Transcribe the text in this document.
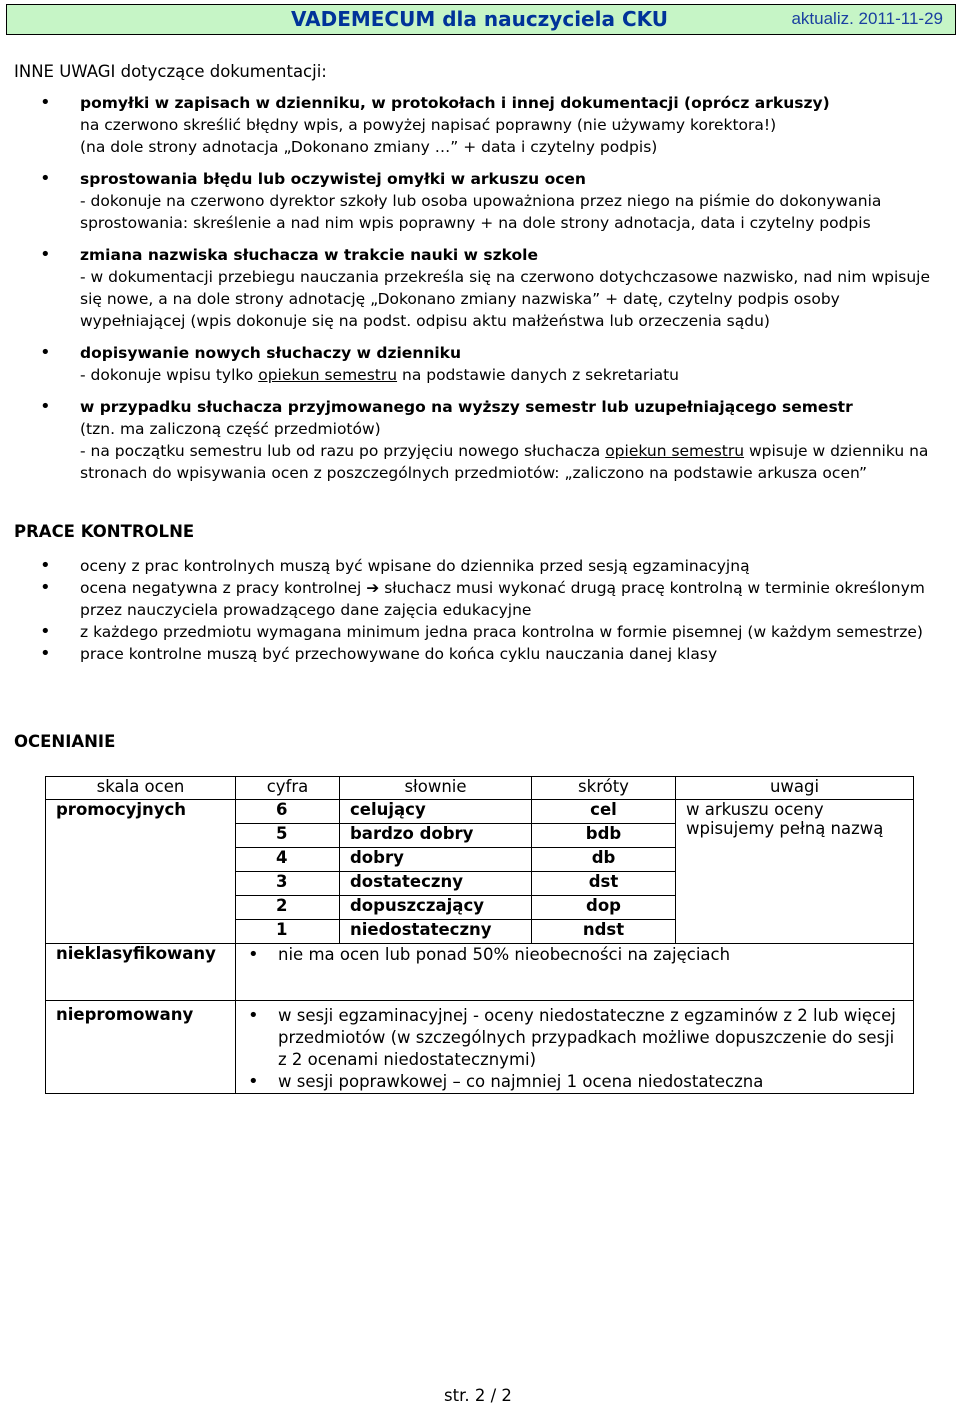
VADEMECUM dla nauczyciela CKU	aktualiz. 2011-11-29
INNE UWAGI dotyczące dokumentacji:
• pomyłki w zapisach w dzienniku, w protokołach i innej dokumentacji (oprócz arkuszy)
na czerwono skreślić błędny wpis, a powyżej napisać poprawny (nie używamy korektora!)
(na dole strony adnotacja „Dokonano zmiany …” + data i czytelny podpis)
• sprostowania błędu lub oczywistej omyłki w arkuszu ocen
- dokonuje na czerwono dyrektor szkoły lub osoba upoważniona przez niego na piśmie do dokonywania sprostowania: skreślenie a nad nim wpis poprawny + na dole strony adnotacja, data i czytelny podpis
• zmiana nazwiska słuchacza w trakcie nauki w szkole
- w dokumentacji przebiegu nauczania przekreśla się na czerwono dotychczasowe nazwisko, nad nim wpisuje się nowe, a na dole strony adnotację „Dokonano zmiany nazwiska” + datę, czytelny podpis osoby wypełniającej (wpis dokonuje się na podst. odpisu aktu małżeństwa lub orzeczenia sądu)
• dopisywanie nowych słuchaczy w dzienniku
- dokonuje wpisu tylko opiekun semestru na podstawie danych z sekretariatu
• w przypadku słuchacza przyjmowanego na wyższy semestr lub uzupełniającego semestr
(tzn. ma zaliczoną część przedmiotów)
- na początku semestru lub od razu po przyjęciu nowego słuchacza opiekun semestru wpisuje w dzienniku na stronach do wpisywania ocen z poszczególnych przedmiotów: „zaliczono na podstawie arkusza ocen”
PRACE KONTROLNE
• oceny z prac kontrolnych muszą być wpisane do dziennika przed sesją egzaminacyjną
• ocena negatywna z pracy kontrolnej ➔ słuchacz musi wykonać drugą pracę kontrolną w terminie określonym przez nauczyciela prowadzącego dane zajęcia edukacyjne
• z każdego przedmiotu wymagana minimum jedna praca kontrolna w formie pisemnej (w każdym semestrze)
• prace kontrolne muszą być przechowywane do końca cyklu nauczania danej klasy
OCENIANIE
skala ocen	cyfra	słownie	skróty	uwagi
promocyjnych	6	celujący	cel	w arkuszu oceny wpisujemy pełną nazwą
	5	bardzo dobry	bdb	
	4	dobry	db	
	3	dostateczny	dst	
	2	dopuszczający	dop	
	1	niedostateczny	ndst	
nieklasyfikowany	• nie ma ocen lub ponad 50% nieobecności na zajęciach

niepromowany	• w sesji egzaminacyjnej - oceny niedostateczne z egzaminów z 2 lub więcej przedmiotów (w szczególnych przypadkach możliwe dopuszczenie do sesji z 2 ocenami niedostatecznymi)
• w sesji poprawkowej – co najmniej 1 ocena niedostateczna
str. 2 / 2
